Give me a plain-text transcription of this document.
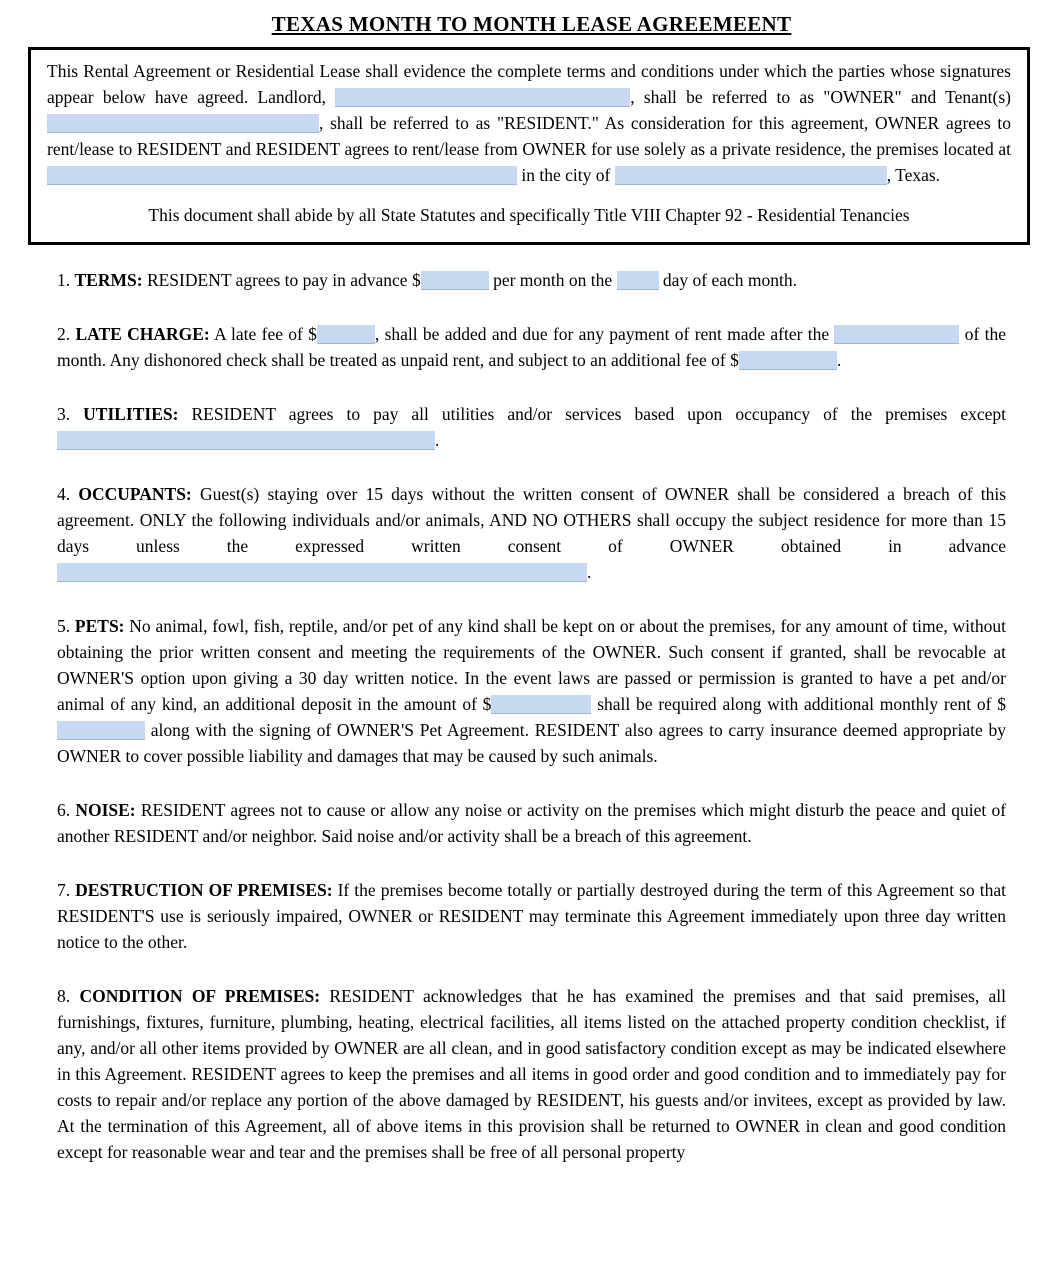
TEXAS MONTH TO MONTH LEASE AGREEMEENT

This Rental Agreement or Residential Lease shall evidence the complete terms and conditions under which the parties whose signatures appear below have agreed. Landlord,	, shall be referred to as "OWNER" and Tenant(s) , shall be referred to as "RESIDENT." As consideration for this agreement, OWNER agrees to rent/lease to RESIDENT and RESIDENT agrees to rent/lease from OWNER for use solely as a private residence, the premises located at  in the city of	, Texas.

This document shall abide by all State Statutes and specifically Title VIII Chapter 92 - Residential Tenancies

1. TERMS: RESIDENT agrees to pay in advance $	per month on the  day of each month.

2. LATE CHARGE: A late fee of $	, shall be added and due for any payment of rent made after the	of the month. Any dishonored check shall be treated as unpaid rent, and subject to an additional fee of $	.

3. UTILITIES: RESIDENT agrees to pay all utilities and/or services based upon occupancy of the premises except .

4. OCCUPANTS: Guest(s) staying over 15 days without the written consent of OWNER shall be considered a breach of this agreement. ONLY the following individuals and/or animals, AND NO OTHERS shall occupy the subject residence for more than 15 days unless the expressed written consent of OWNER obtained in advance .

5. PETS: No animal, fowl, fish, reptile, and/or pet of any kind shall be kept on or about the premises, for any amount of time, without obtaining the prior written consent and meeting the requirements of the OWNER. Such consent if granted, shall be revocable at OWNER'S option upon giving a 30 day written notice. In the event laws are passed or permission is granted to have a pet and/or animal of any kind, an additional deposit in the amount of $	shall be required along with additional monthly rent of $ along with the signing of OWNER'S Pet Agreement. RESIDENT also agrees to carry insurance deemed appropriate by OWNER to cover possible liability and damages that may be caused by such animals.

6. NOISE: RESIDENT agrees not to cause or allow any noise or activity on the premises which might disturb the peace and quiet of another RESIDENT and/or neighbor. Said noise and/or activity shall be a breach of this agreement.

7. DESTRUCTION OF PREMISES: If the premises become totally or partially destroyed during the term of this Agreement so that RESIDENT'S use is seriously impaired, OWNER or RESIDENT may terminate this Agreement immediately upon three day written notice to the other.

8. CONDITION OF PREMISES: RESIDENT acknowledges that he has examined the premises and that said premises, all furnishings, fixtures, furniture, plumbing, heating, electrical facilities, all items listed on the attached property condition checklist, if any, and/or all other items provided by OWNER are all clean, and in good satisfactory condition except as may be indicated elsewhere in this Agreement. RESIDENT agrees to keep the premises and all items in good order and good condition and to immediately pay for costs to repair and/or replace any portion of the above damaged by RESIDENT, his guests and/or invitees, except as provided by law. At the termination of this Agreement, all of above items in this provision shall be returned to OWNER in clean and good condition except for reasonable wear and tear and the premises shall be free of all personal property
